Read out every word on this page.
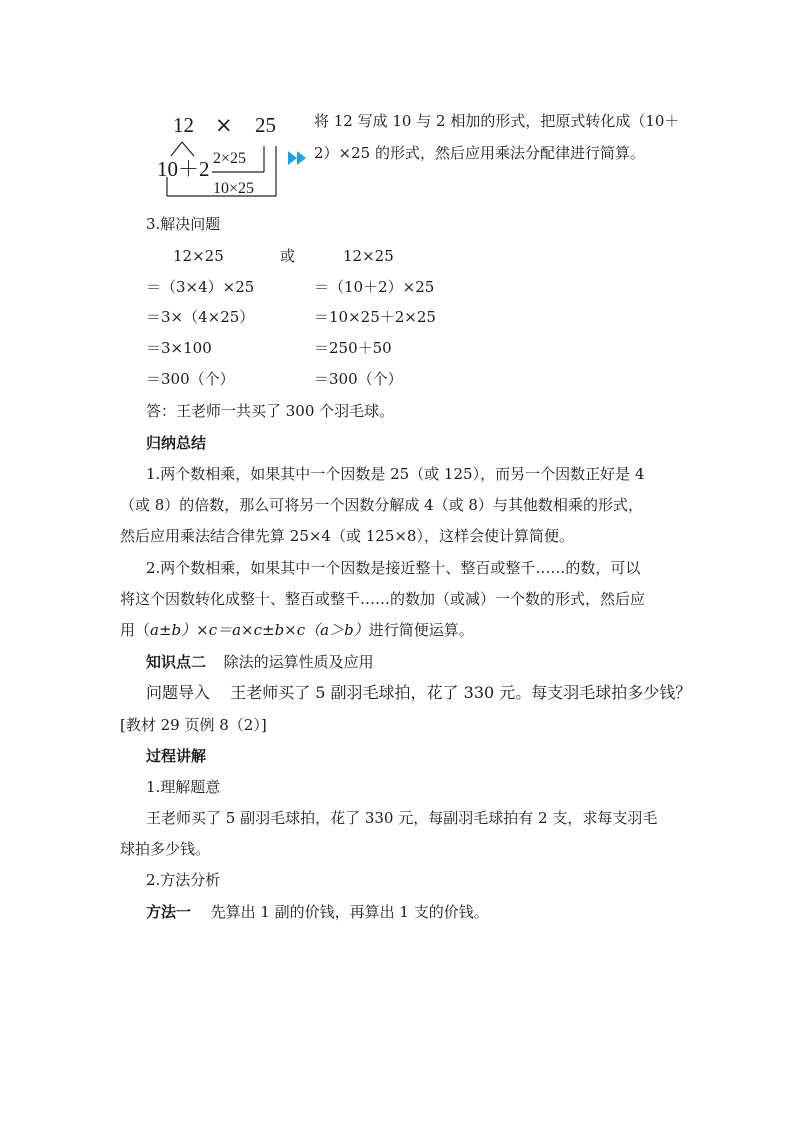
12 × 25
10＋2 2×25
10×25
将 12 写成 10 与 2 相加的形式，把原式转化成（10＋
2）×25 的形式，然后应用乘法分配律进行简算。
3.解决问题
12×25	或	12×25
＝（3×4）×25	＝（10＋2）×25
＝3×（4×25）	＝10×25＋2×25
＝3×100	＝250＋50
＝300（个）	＝300（个）
答：王老师一共买了 300 个羽毛球。
归纳总结
1.两个数相乘，如果其中一个因数是 25（或 125），而另一个因数正好是 4
（或 8）的倍数，那么可将另一个因数分解成 4（或 8）与其他数相乘的形式，
然后应用乘法结合律先算 25×4（或 125×8），这样会使计算简便。
2.两个数相乘，如果其中一个因数是接近整十、整百或整千……的数，可以
将这个因数转化成整十、整百或整千……的数加（或减）一个数的形式，然后应
用（a±b）×c＝a×c±b×c（a＞b）进行简便运算。
知识点二 除法的运算性质及应用
问题导入 王老师买了 5 副羽毛球拍，花了 330 元。每支羽毛球拍多少钱？
[教材 29 页例 8（2）]
过程讲解
1.理解题意
王老师买了 5 副羽毛球拍，花了 330 元，每副羽毛球拍有 2 支，求每支羽毛
球拍多少钱。
2.方法分析
方法一 先算出 1 副的价钱，再算出 1 支的价钱。
